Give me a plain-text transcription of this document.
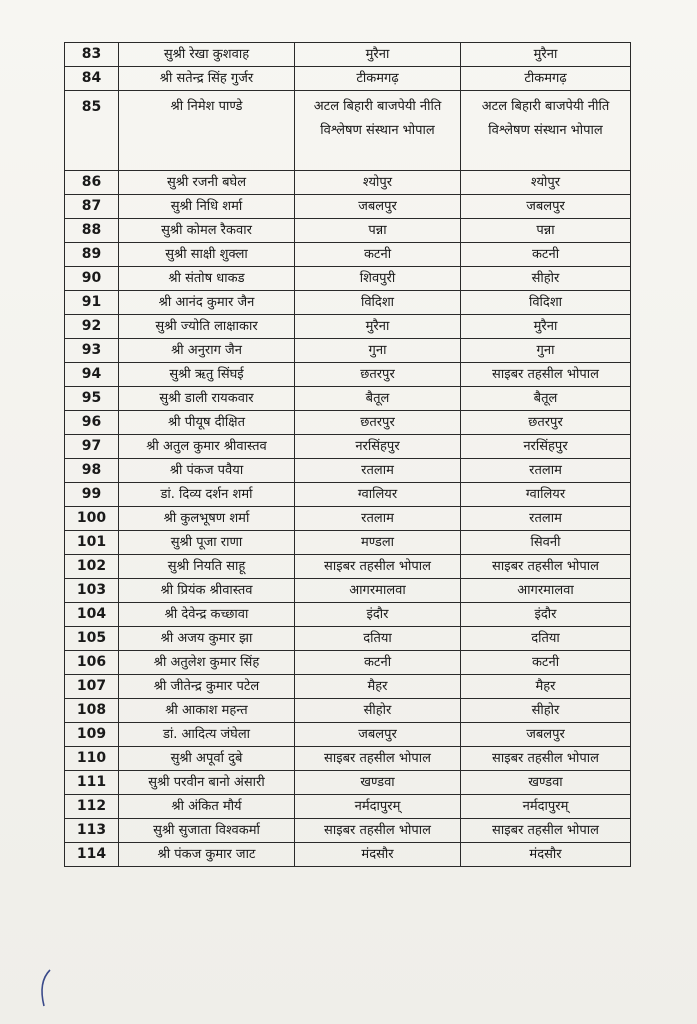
83	सुश्री रेखा कुशवाह	मुरैना	मुरैना
84	श्री सतेन्द्र सिंह गुर्जर	टीकमगढ़	टीकमगढ़
85	श्री निमेश पाण्डे	अटल बिहारी बाजपेयी नीति विश्लेषण संस्थान भोपाल	अटल बिहारी बाजपेयी नीति विश्लेषण संस्थान भोपाल
86	सुश्री रजनी बघेल	श्योपुर	श्योपुर
87	सुश्री निधि शर्मा	जबलपुर	जबलपुर
88	सुश्री कोमल रैकवार	पन्ना	पन्ना
89	सुश्री साक्षी शुक्ला	कटनी	कटनी
90	श्री संतोष धाकड	शिवपुरी	सीहोर
91	श्री आनंद कुमार जैन	विदिशा	विदिशा
92	सुश्री ज्योति लाक्षाकार	मुरैना	मुरैना
93	श्री अनुराग जैन	गुना	गुना
94	सुश्री ऋतु सिंघई	छतरपुर	साइबर तहसील भोपाल
95	सुश्री डाली रायकवार	बैतूल	बैतूल
96	श्री पीयूष दीक्षित	छतरपुर	छतरपुर
97	श्री अतुल कुमार श्रीवास्तव	नरसिंहपुर	नरसिंहपुर
98	श्री पंकज पवैया	रतलाम	रतलाम
99	डां. दिव्य दर्शन शर्मा	ग्वालियर	ग्वालियर
100	श्री कुलभूषण शर्मा	रतलाम	रतलाम
101	सुश्री पूजा राणा	मण्डला	सिवनी
102	सुश्री नियति साहू	साइबर तहसील भोपाल	साइबर तहसील भोपाल
103	श्री प्रियंक श्रीवास्तव	आगरमालवा	आगरमालवा
104	श्री देवेन्द्र कच्छावा	इंदौर	इंदौर
105	श्री अजय कुमार झा	दतिया	दतिया
106	श्री अतुलेश कुमार सिंह	कटनी	कटनी
107	श्री जीतेन्द्र कुमार पटेल	मैहर	मैहर
108	श्री आकाश महन्त	सीहोर	सीहोर
109	डां. आदित्य जंघेला	जबलपुर	जबलपुर
110	सुश्री अपूर्वा दुबे	साइबर तहसील भोपाल	साइबर तहसील भोपाल
111	सुश्री परवीन बानो अंसारी	खण्डवा	खण्डवा
112	श्री अंकित मौर्य	नर्मदापुरम्	नर्मदापुरम्
113	सुश्री सुजाता विश्वकर्मा	साइबर तहसील भोपाल	साइबर तहसील भोपाल
114	श्री पंकज कुमार जाट	मंदसौर	मंदसौर
